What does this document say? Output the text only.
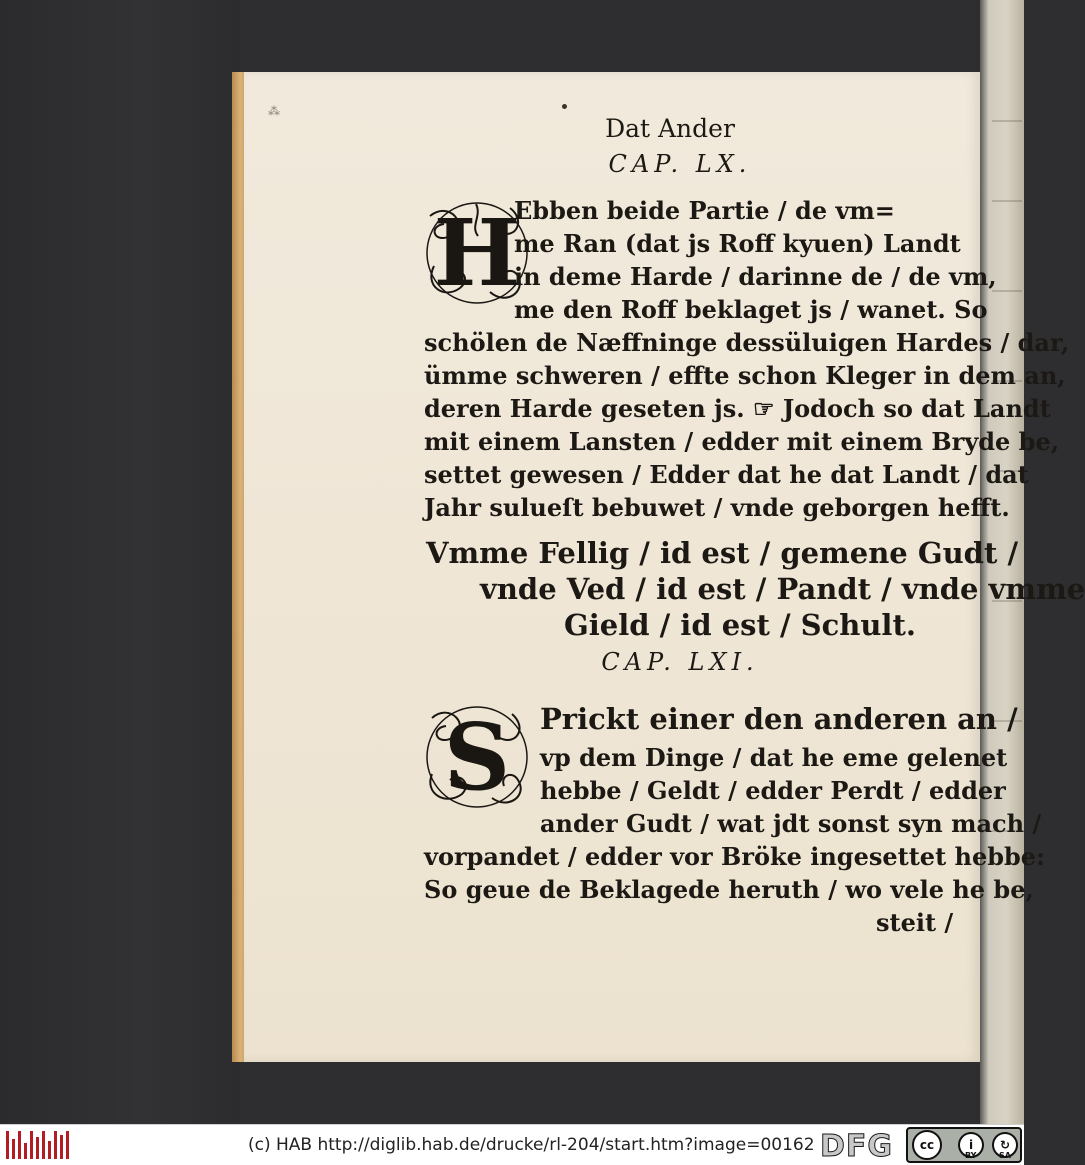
⁂
Dat Ander
CAP. LX.
H
Ebben beide Partie / de vm=
me Ran (dat js Roff kyuen) Landt
in deme Harde / darinne de / de vm,
me den Roff beklaget js / wanet. So
schölen de Næffninge dessüluigen Hardes / dar,
ümme schweren / effte schon Kleger in dem an,
deren Harde geseten js. ☞ Jodoch so dat Landt
mit einem Lansten / edder mit einem Bryde be,
settet gewesen / Edder dat he dat Landt / dat
Jahr sulueſt bebuwet / vnde geborgen hefft.
Vmme Fellig / id est / gemene Gudt /
vnde Ved / id est / Pandt / vnde vmme
Gield / id est / Schult.
CAP. LXI.
S Prickt einer den anderen an /
vp dem Dinge / dat he eme gelenet
hebbe / Geldt / edder Perdt / edder
ander Gudt / wat jdt sonst syn mach /
vorpandet / edder vor Bröke ingesettet hebbe:
So geue de Beklagede heruth / wo vele he be,
steit /
(c) HAB http://diglib.hab.de/drucke/rl-204/start.htm?image=00162 DFG	cc	i	↻
BY	SA
